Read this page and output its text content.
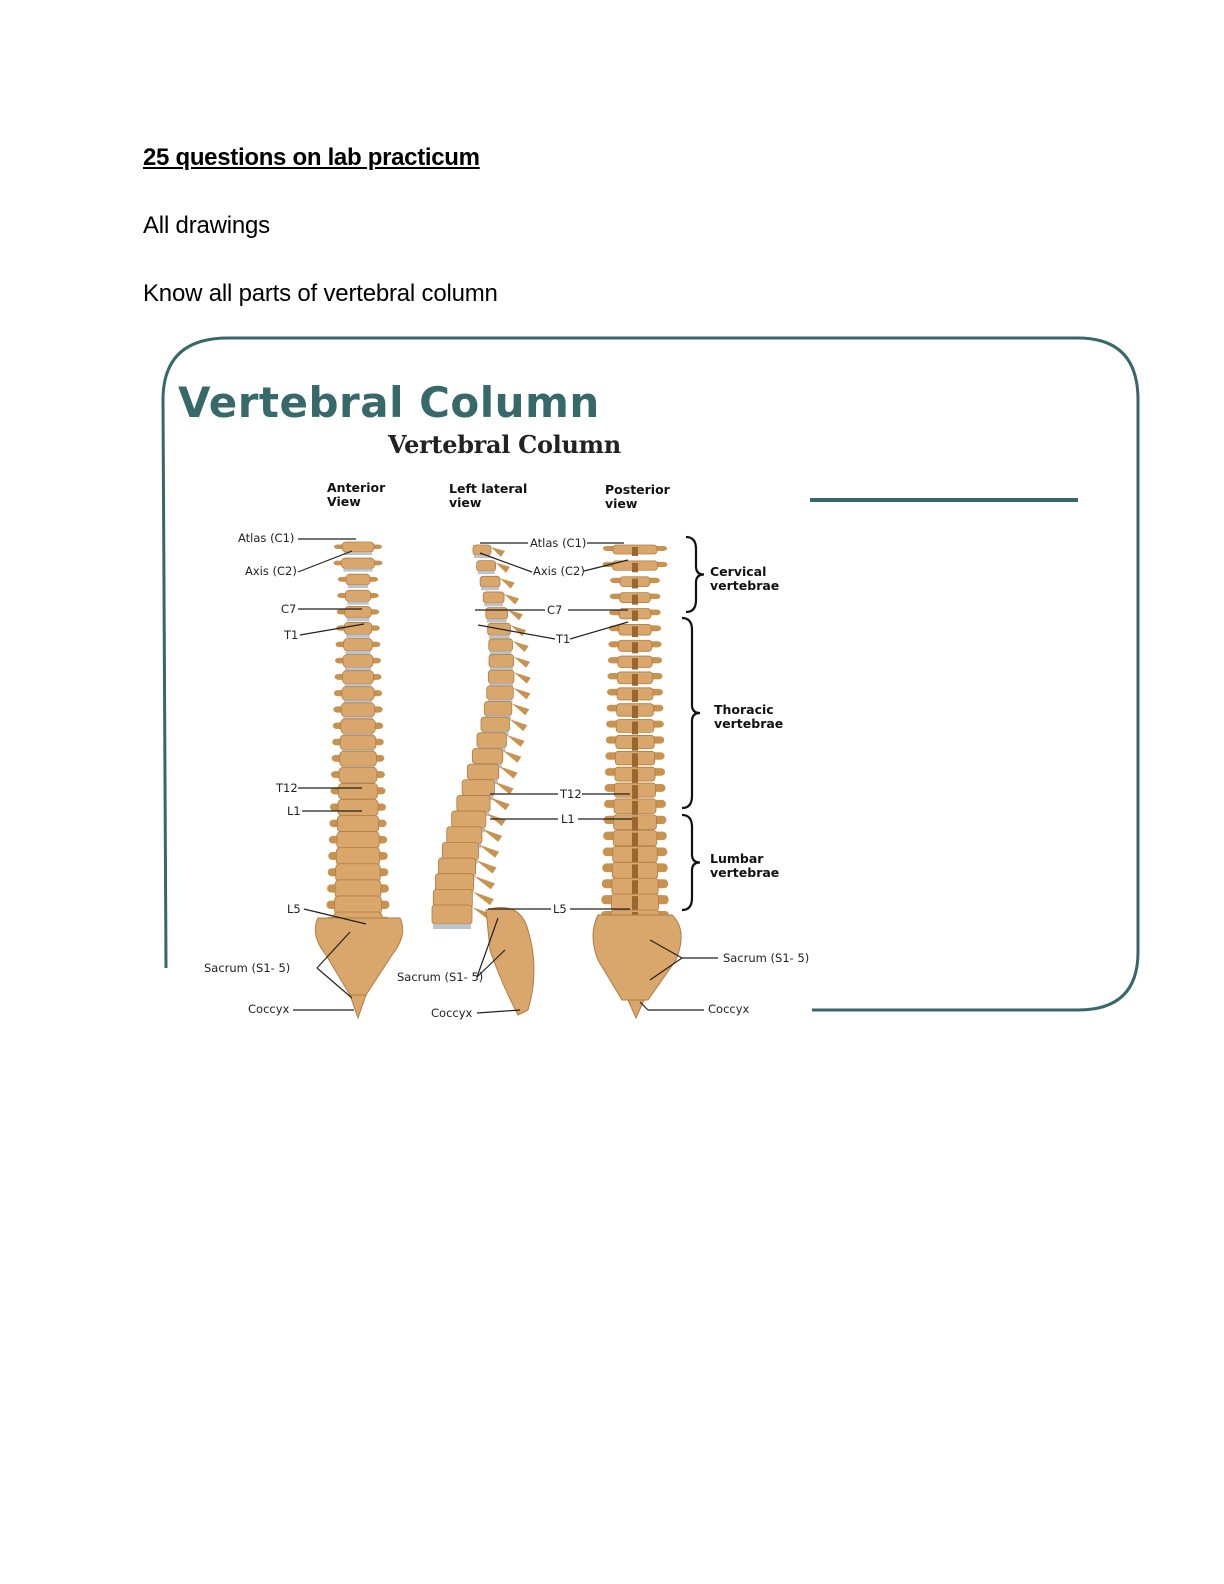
25 questions on lab practicum
All drawings
Know all parts of vertebral column
Vertebral Column
Vertebral Column
Anterior
View
Left lateral
view
Posterior
view
Atlas (C1)
Axis (C2)
C7
T1
T12
L1
L5
Sacrum (S1- 5)
Coccyx
Atlas (C1)
Axis (C2)
C7
T1
T12
L1
L5
Sacrum (S1- 5)
Coccyx
Sacrum (S1- 5)
Coccyx
Cervical
vertebrae
Thoracic
vertebrae
Lumbar
vertebrae
